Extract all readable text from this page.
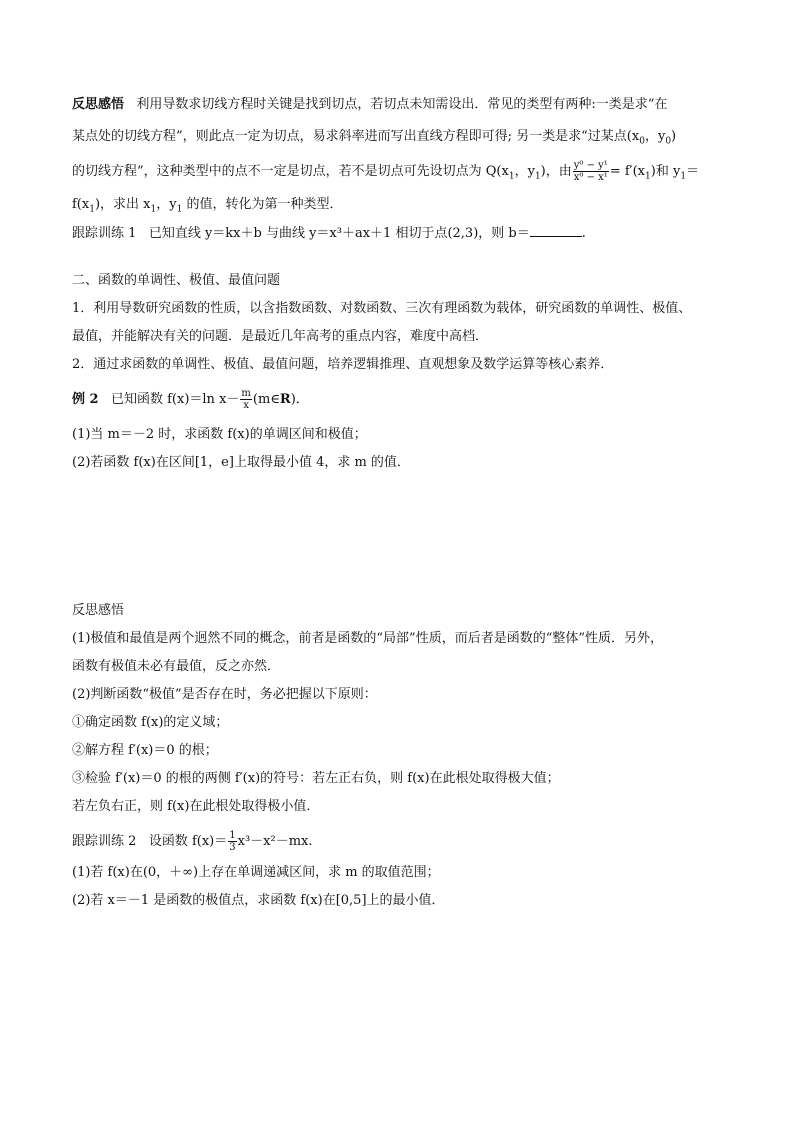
反思感悟 利用导数求切线方程时关键是找到切点，若切点未知需设出．常见的类型有两种:一类是求“在
某点处的切线方程”，则此点一定为切点，易求斜率进而写出直线方程即可得; 另一类是求“过某点($x_0$，$y_0$)
的切线方程”，这种类型中的点不一定是切点，若不是切点可先设切点为 $Q(x_1$，$y_1$)，由 $\frac{\text{y⁰ − y¹}}{\text{x⁰ − x¹}} = f'(x_1)$和 $y_1=$
$f(x_1)$，求出 $x_1$，$y_1$ 的值，转化为第一种类型．
跟踪训练 1 已知直线 y＝kx＋b 与曲线 y＝x³＋ax＋1 相切于点(2,3)，则 b＝	.
二、函数的单调性、极值、最值问题
1．利用导数研究函数的性质，以含指数函数、对数函数、三次有理函数为载体，研究函数的单调性、极值、
最值，并能解决有关的问题．是最近几年高考的重点内容，难度中高档．
2．通过求函数的单调性、极值、最值问题，培养逻辑推理、直观想象及数学运算等核心素养．
例 2 已知函数 f(x)＝ln $x- \frac{m}{x}$ (m∈R)．
(1)当 m＝－2 时，求函数 f(x)的单调区间和极值；
(2)若函数 f(x)在区间[1，e]上取得最小值 4，求 m 的值．
反思感悟
(1)极值和最值是两个迥然不同的概念，前者是函数的“局部”性质，而后者是函数的“整体”性质．另外，
函数有极值未必有最值，反之亦然．
(2)判断函数“极值”是否存在时，务必把握以下原则：
①确定函数 f(x)的定义域；
②解方程 f′(x)＝0 的根；
③检验 f′(x)＝0 的根的两侧 f′(x)的符号：若左正右负，则 f(x)在此根处取得极大值；
若左负右正，则 f(x)在此根处取得极小值．
跟踪训练 2 设函数 $f(x)= \frac{1}{3} x^3-x^2-mx$.
(1)若 f(x)在(0，＋∞)上存在单调递减区间，求 m 的取值范围；
(2)若 x＝－1 是函数的极值点，求函数 f(x)在[0,5]上的最小值．
